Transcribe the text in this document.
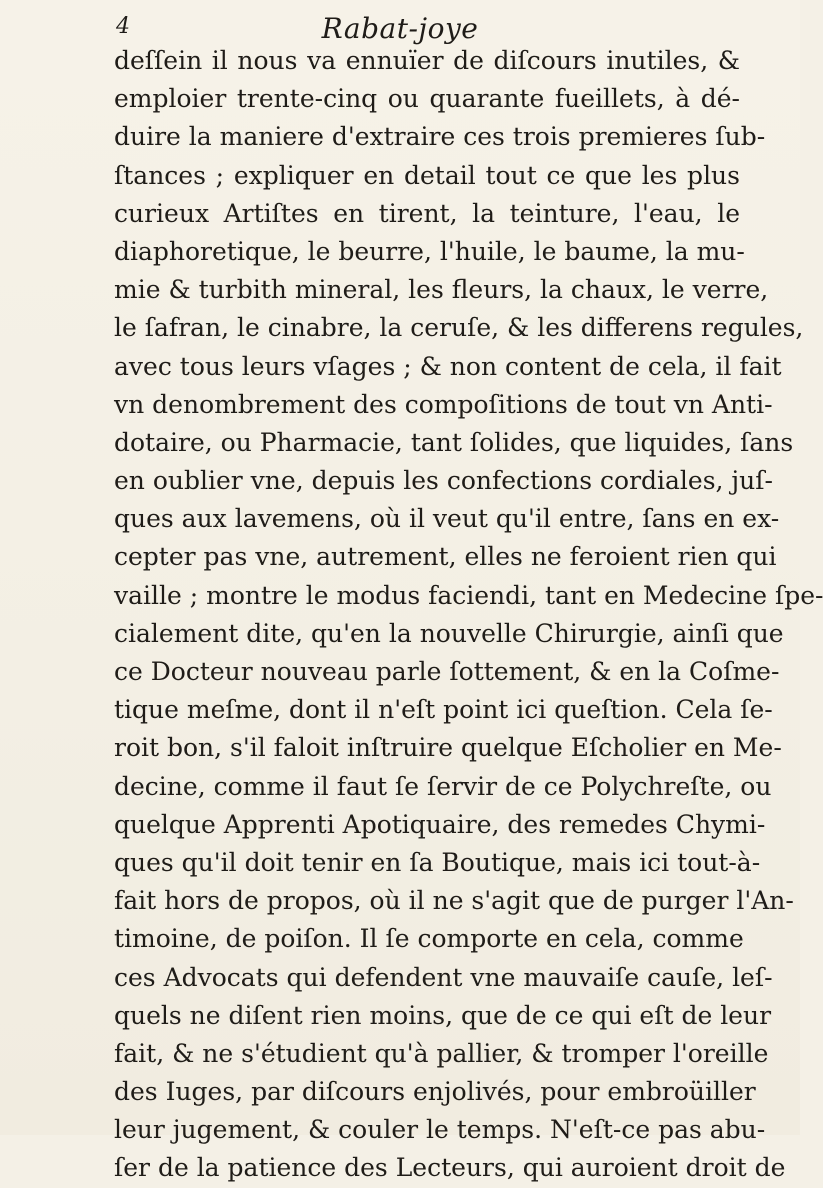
4	Rabat-joye
deſſein il nous va ennuïer de diſcours inutiles, &
emploier trente-cinq ou quarante fueillets, à dé-
duire la maniere d'extraire ces trois premieres ſub-
ſtances ; expliquer en detail tout ce que les plus
curieux Artiſtes en tirent, la teinture, l'eau, le
diaphoretique, le beurre, l'huile, le baume, la mu-
mie & turbith mineral, les fleurs, la chaux, le verre,
le ſafran, le cinabre, la ceruſe, & les differens regules,
avec tous leurs vſages ; & non content de cela, il fait
vn denombrement des compoſitions de tout vn Anti-
dotaire, ou Pharmacie, tant ſolides, que liquides, ſans
en oublier vne, depuis les confections cordiales, juſ-
ques aux lavemens, où il veut qu'il entre, ſans en ex-
cepter pas vne, autrement, elles ne feroient rien qui
vaille ; montre le modus faciendi, tant en Medecine ſpe-
cialement dite, qu'en la nouvelle Chirurgie, ainſi que
ce Docteur nouveau parle ſottement, & en la Coſme-
tique meſme, dont il n'eſt point ici queſtion. Cela ſe-
roit bon, s'il faloit inſtruire quelque Eſcholier en Me-
decine, comme il faut ſe ſervir de ce Polychreſte, ou
quelque Apprenti Apotiquaire, des remedes Chymi-
ques qu'il doit tenir en ſa Boutique, mais ici tout-à-
fait hors de propos, où il ne s'agit que de purger l'An-
timoine, de poiſon. Il ſe comporte en cela, comme
ces Advocats qui defendent vne mauvaiſe cauſe, leſ-
quels ne diſent rien moins, que de ce qui eſt de leur
fait, & ne s'étudient qu'à pallier, & tromper l'oreille
des Iuges, par diſcours enjolivés, pour embroüiller
leur jugement, & couler le temps. N'eſt-ce pas abu-
ſer de la patience des Lecteurs, qui auroient droit de
